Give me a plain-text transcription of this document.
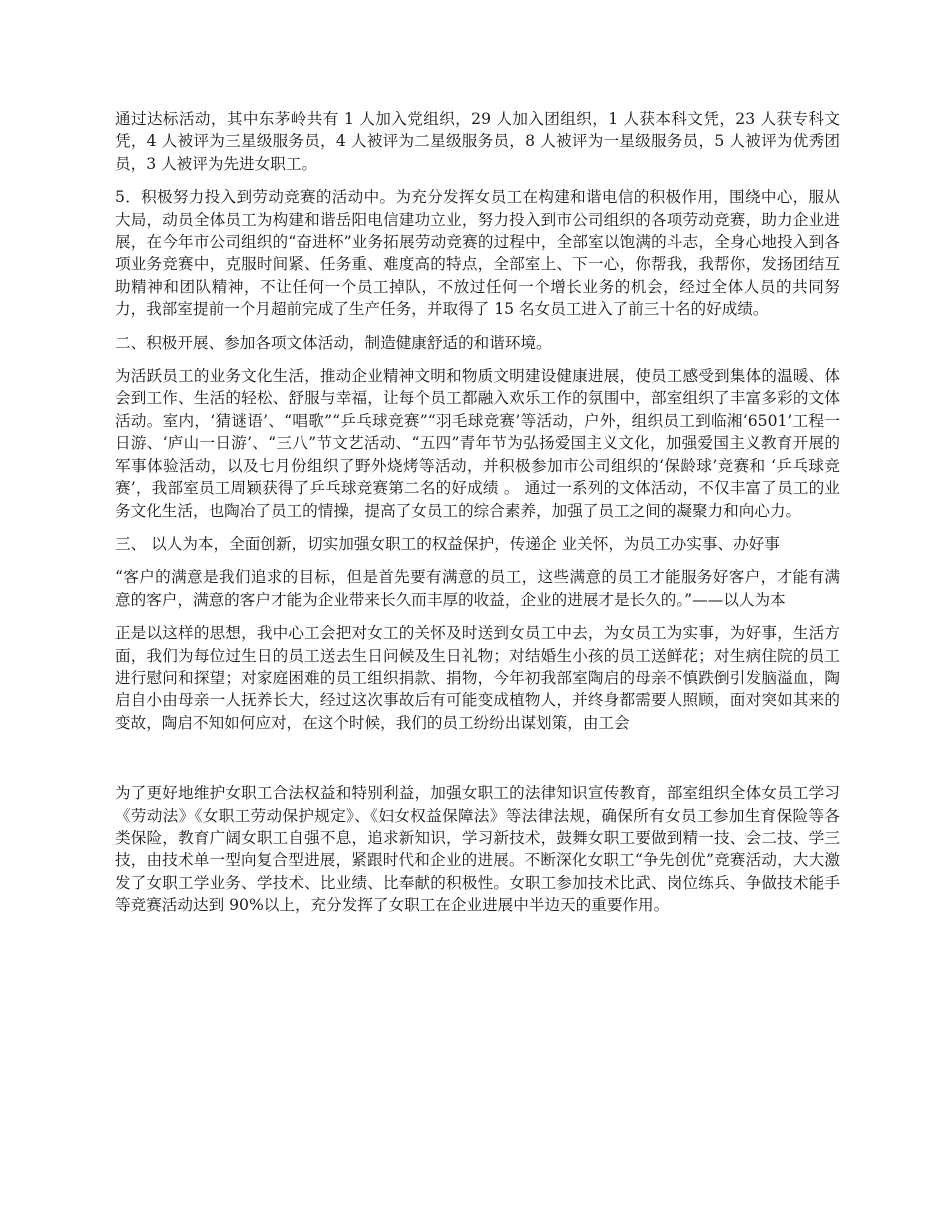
通过达标活动，其中东茅岭共有 1 人加入党组织，29 人加入团组织，1 人获本科文凭，23 人获专科文凭，4 人被评为三星级服务员，4 人被评为二星级服务员，8 人被评为一星级服务员，5 人被评为优秀团员，3 人被评为先进女职工。

5．积极努力投入到劳动竞赛的活动中。为充分发挥女员工在构建和谐电信的积极作用，围绕中心，服从大局，动员全体员工为构建和谐岳阳电信建功立业，努力投入到市公司组织的各项劳动竞赛，助力企业进展，在今年市公司组织的“奋进杯”业务拓展劳动竞赛的过程中，全部室以饱满的斗志，全身心地投入到各项业务竞赛中，克服时间紧、任务重、难度高的特点，全部室上、下一心，你帮我，我帮你，发扬团结互助精神和团队精神，不让任何一个员工掉队，不放过任何一个增长业务的机会，经过全体人员的共同努力，我部室提前一个月超前完成了生产任务，并取得了 15 名女员工进入了前三十名的好成绩。

二、积极开展、参加各项文体活动，制造健康舒适的和谐环境。

为活跃员工的业务文化生活，推动企业精神文明和物质文明建设健康进展，使员工感受到集体的温暖、体会到工作、生活的轻松、舒服与幸福，让每个员工都融入欢乐工作的氛围中，部室组织了丰富多彩的文体活动。室内，‘猜谜语’、“唱歌”“乒乓球竞赛”“羽毛球竞赛’等活动，户外，组织员工到临湘‘6501’工程一日游、‘庐山一日游’、“三八”节文艺活动、“五四”青年节为弘扬爱国主义文化，加强爱国主义教育开展的军事体验活动，以及七月份组织了野外烧烤等活动，并积极参加市公司组织的‘保龄球’竞赛和 ‘乒乓球竞赛’，我部室员工周颖获得了乒乓球竞赛第二名的好成绩 。 通过一系列的文体活动，不仅丰富了员工的业务文化生活，也陶冶了员工的情操，提高了女员工的综合素养，加强了员工之间的凝聚力和向心力。

三、 以人为本，全面创新，切实加强女职工的权益保护，传递企 业关怀，为员工办实事、办好事

“客户的满意是我们追求的目标，但是首先要有满意的员工，这些满意的员工才能服务好客户，才能有满意的客户，满意的客户才能为企业带来长久而丰厚的收益，企业的进展才是长久的。”——以人为本

正是以这样的思想，我中心工会把对女工的关怀及时送到女员工中去，为女员工为实事，为好事，生活方面，我们为每位过生日的员工送去生日问候及生日礼物；对结婚生小孩的员工送鲜花；对生病住院的员工进行慰问和探望；对家庭困难的员工组织捐款、捐物，今年初我部室陶启的母亲不慎跌倒引发脑溢血，陶启自小由母亲一人抚养长大，经过这次事故后有可能变成植物人，并终身都需要人照顾，面对突如其来的变故，陶启不知如何应对，在这个时候，我们的员工纷纷出谋划策，由工会

为了更好地维护女职工合法权益和特别利益，加强女职工的法律知识宣传教育，部室组织全体女员工学习《劳动法》《女职工劳动保护规定》、《妇女权益保障法》等法律法规，确保所有女员工参加生育保险等各类保险，教育广阔女职工自强不息，追求新知识，学习新技术，鼓舞女职工要做到精一技、会二技、学三技，由技术单一型向复合型进展，紧跟时代和企业的进展。不断深化女职工“争先创优”竞赛活动，大大激发了女职工学业务、学技术、比业绩、比奉献的积极性。女职工参加技术比武、岗位练兵、争做技术能手等竞赛活动达到 90%以上，充分发挥了女职工在企业进展中半边天的重要作用。
